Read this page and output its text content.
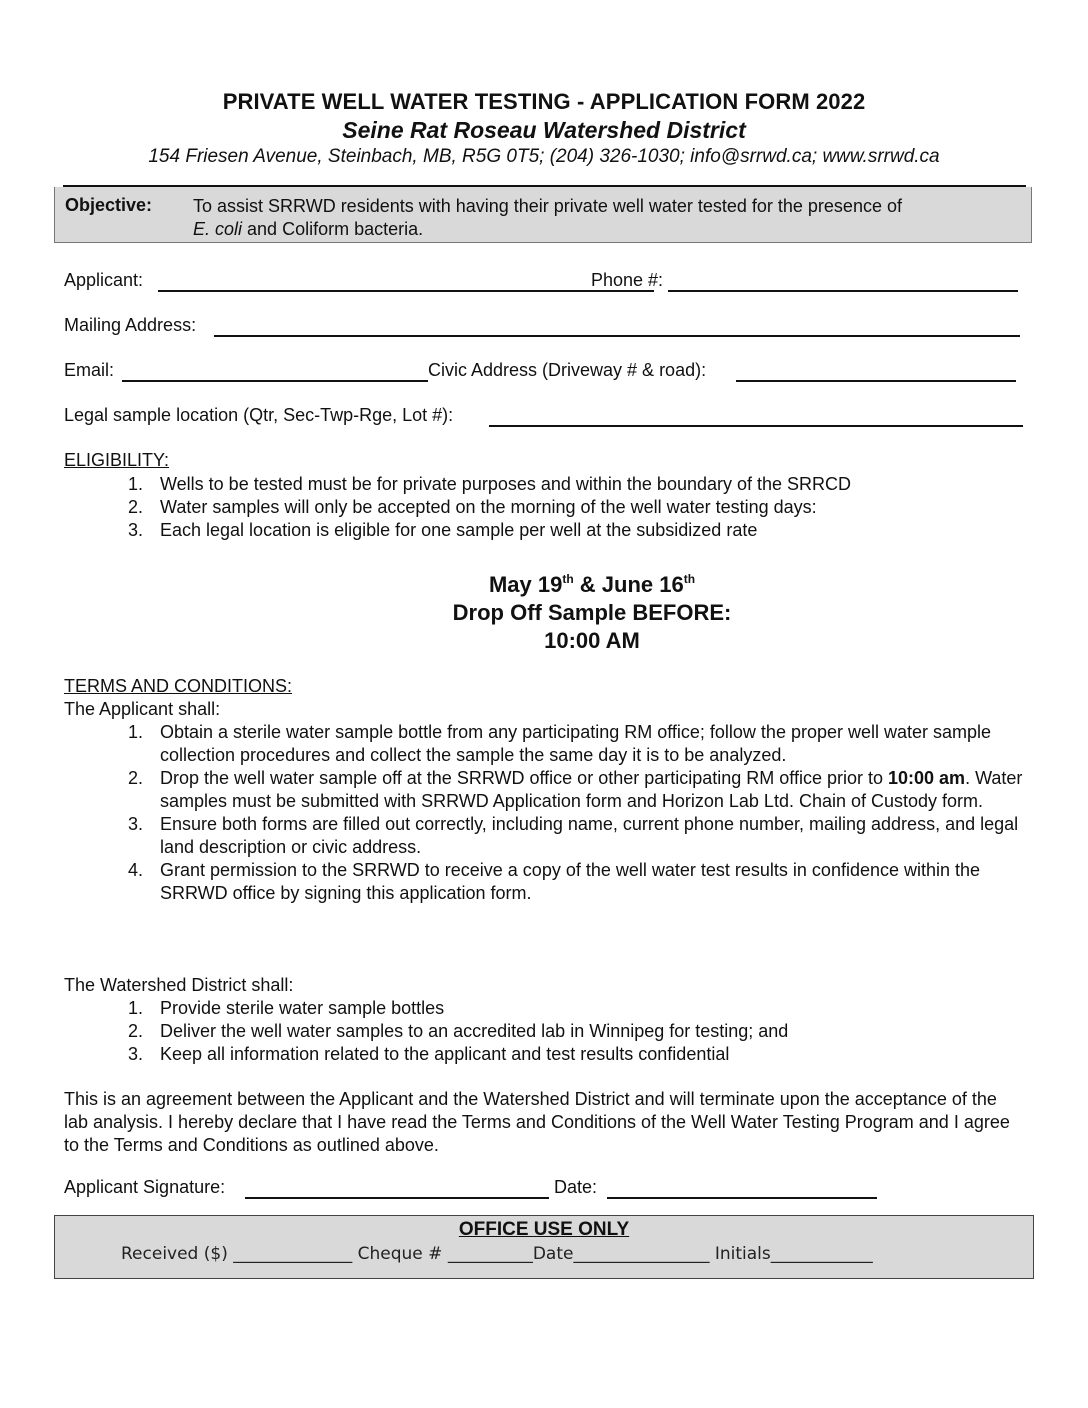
PRIVATE WELL WATER TESTING - APPLICATION FORM 2022
Seine Rat Roseau Watershed District
154 Friesen Avenue, Steinbach, MB, R5G 0T5; (204) 326-1030; info@srrwd.ca; www.srrwd.ca
Objective: To assist SRRWD residents with having their private well water tested for the presence of
E. coli and Coliform bacteria.
Applicant:	Phone #:
Mailing Address:
Email:	Civic Address (Driveway # & road):
Legal sample location (Qtr, Sec-Twp-Rge, Lot #):
ELIGIBILITY:
1. Wells to be tested must be for private purposes and within the boundary of the SRRCD
2. Water samples will only be accepted on the morning of the well water testing days:
3. Each legal location is eligible for one sample per well at the subsidized rate
May 19th & June 16th
Drop Off Sample BEFORE:
10:00 AM
TERMS AND CONDITIONS:
The Applicant shall:
1. Obtain a sterile water sample bottle from any participating RM office; follow the proper well water sample collection procedures and collect the sample the same day it is to be analyzed.
2. Drop the well water sample off at the SRRWD office or other participating RM office prior to 10:00 am. Water samples must be submitted with SRRWD Application form and Horizon Lab Ltd. Chain of Custody form.
3. Ensure both forms are filled out correctly, including name, current phone number, mailing address, and legal land description or civic address.
4. Grant permission to the SRRWD to receive a copy of the well water test results in confidence within the SRRWD office by signing this application form.
The Watershed District shall:
1. Provide sterile water sample bottles
2. Deliver the well water samples to an accredited lab in Winnipeg for testing; and
3. Keep all information related to the applicant and test results confidential
This is an agreement between the Applicant and the Watershed District and will terminate upon the acceptance of the lab analysis. I hereby declare that I have read the Terms and Conditions of the Well Water Testing Program and I agree to the Terms and Conditions as outlined above.
Applicant Signature:	Date:
OFFICE USE ONLY
Received ($) ______________ Cheque # __________Date________________ Initials____________
